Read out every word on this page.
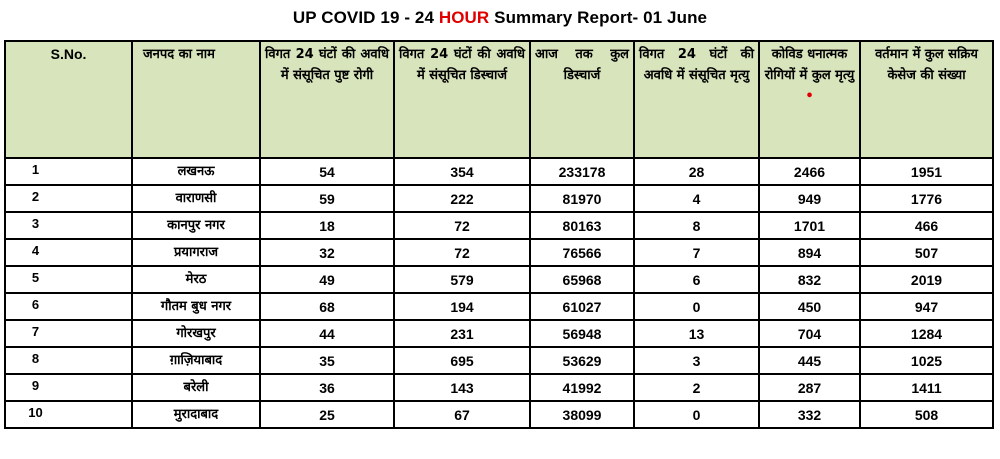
UP COVID 19 - 24 HOUR Summary Report- 01 June
S.No.	जनपद का नाम	विगत 24 घंटों की अवधि में संसूचित पुष्ट रोगी	विगत 24 घंटों की अवधि में संसूचित डिस्चार्ज	आज तक कुल डिस्चार्ज	विगत 24 घंटों की अवधि में संसूचित मृत्यु	कोविड धनात्मक रोगियों में कुल मृत्यु •	वर्तमान में कुल सक्रिय केसेज की संख्या
1	लखनऊ	54	354	233178	28	2466	1951
2	वाराणसी	59	222	81970	4	949	1776
3	कानपुर नगर	18	72	80163	8	1701	466
4	प्रयागराज	32	72	76566	7	894	507
5	मेरठ	49	579	65968	6	832	2019
6	गौतम बुध नगर	68	194	61027	0	450	947
7	गोरखपुर	44	231	56948	13	704	1284
8	ग़ाज़ियाबाद	35	695	53629	3	445	1025
9	बरेली	36	143	41992	2	287	1411
10	मुरादाबाद	25	67	38099	0	332	508
